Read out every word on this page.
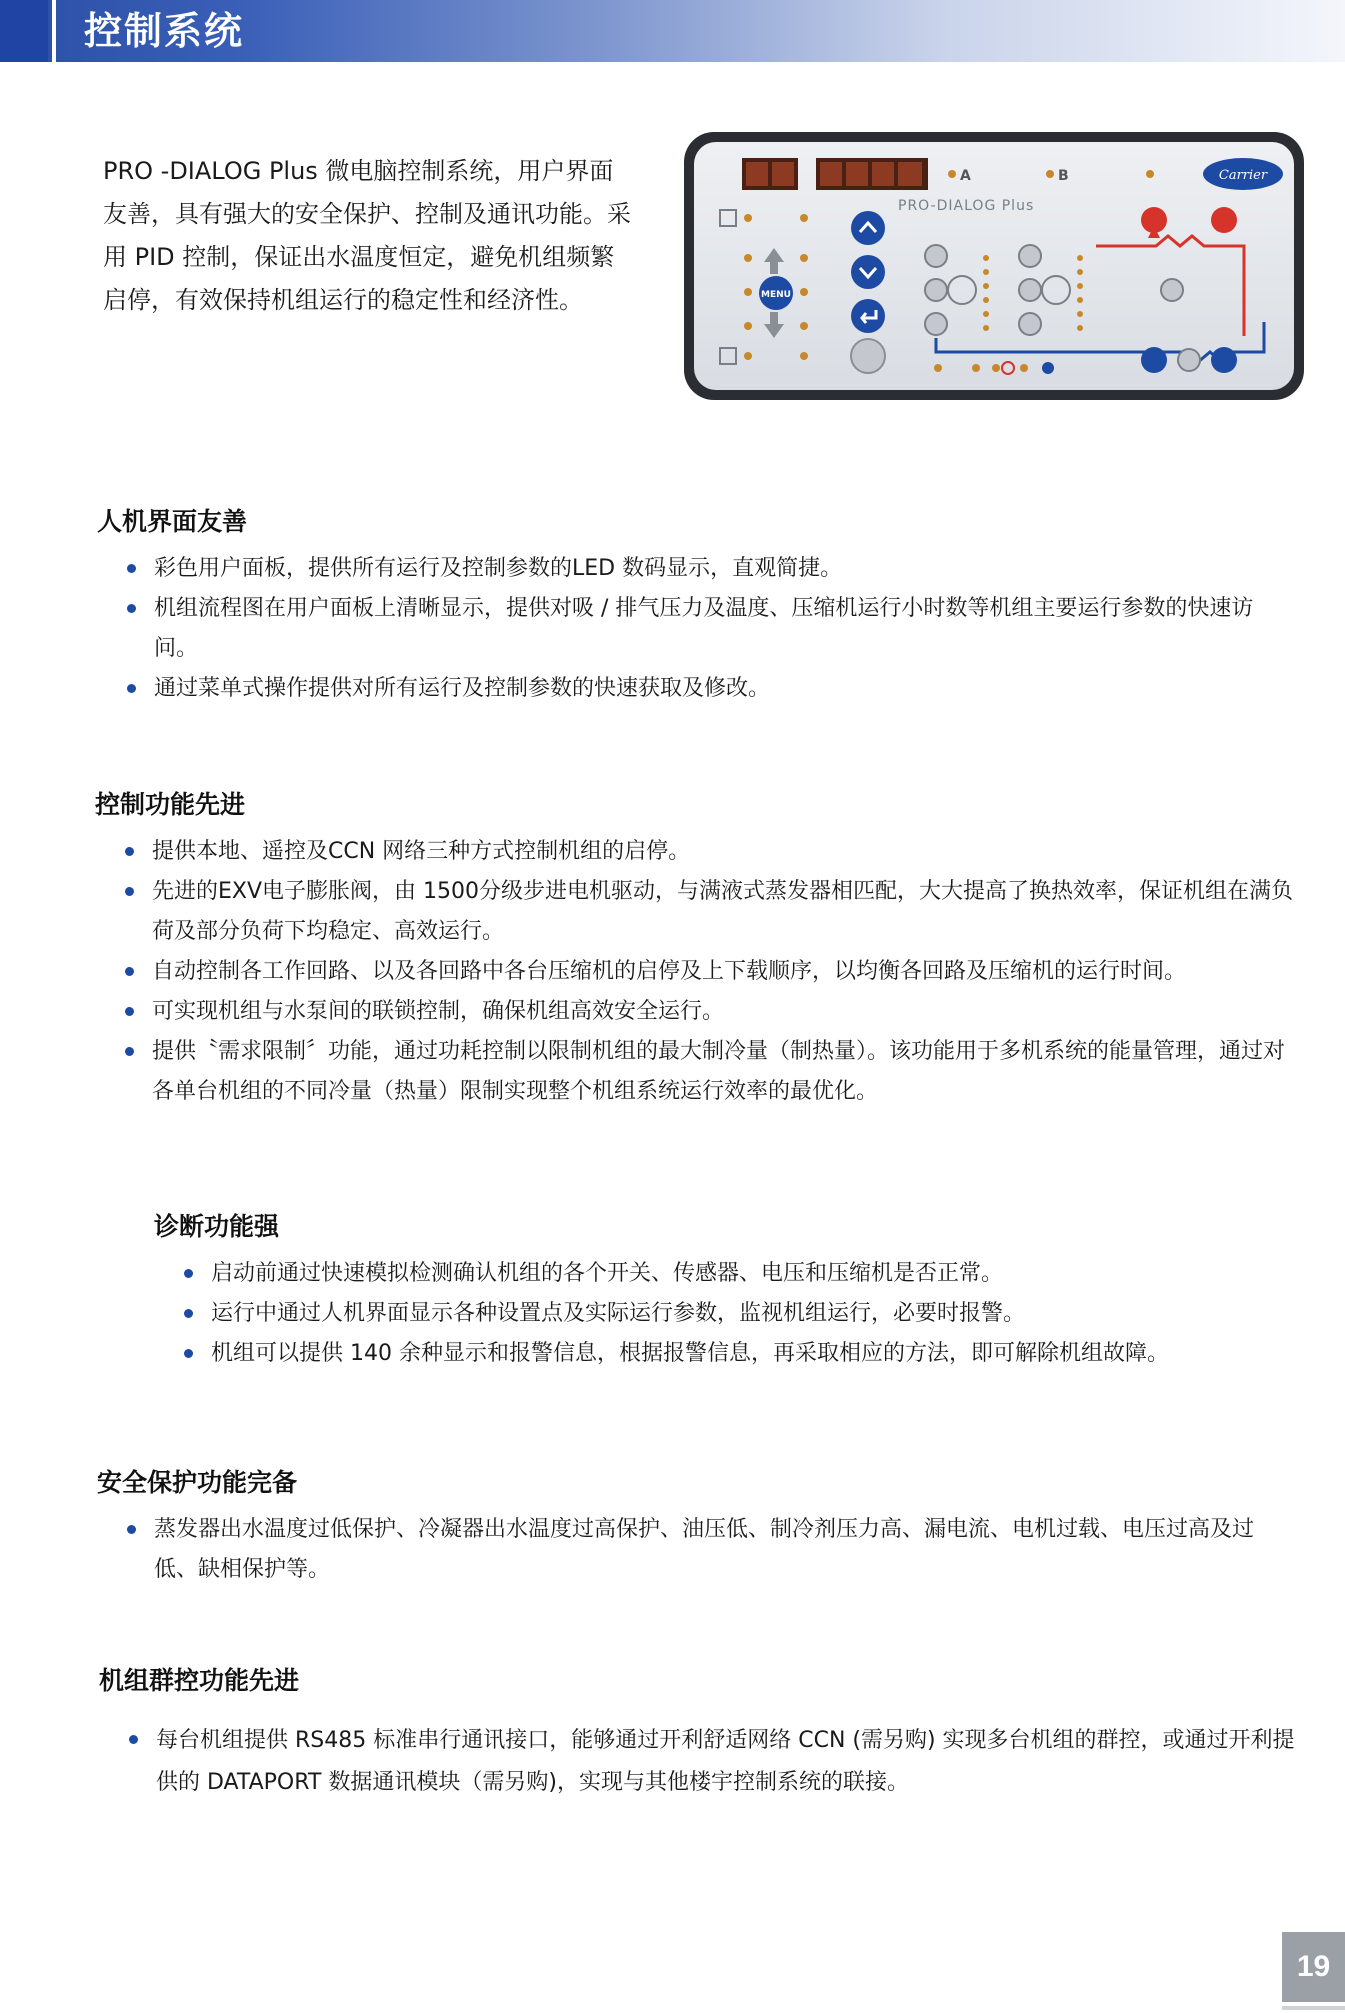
控制系统

PRO -DIALOG Plus 微电脑控制系统，用户界面友善，具有强大的安全保护、控制及通讯功能。采用 PID 控制，保证出水温度恒定，避免机组频繁启停，有效保持机组运行的稳定性和经济性。

A	B	Carrier
PRO-DIALOG Plus
MENU
人机界面友善
彩色用户面板，提供所有运行及控制参数的LED 数码显示，直观简捷。
机组流程图在用户面板上清晰显示，提供对吸 / 排气压力及温度、压缩机运行小时数等机组主要运行参数的快速访问。
通过菜单式操作提供对所有运行及控制参数的快速获取及修改。
控制功能先进
提供本地、遥控及CCN 网络三种方式控制机组的启停。
先进的EXV电子膨胀阀，由 1500分级步进电机驱动，与满液式蒸发器相匹配，大大提高了换热效率，保证机组在满负荷及部分负荷下均稳定、高效运行。
自动控制各工作回路、以及各回路中各台压缩机的启停及上下载顺序，以均衡各回路及压缩机的运行时间。
可实现机组与水泵间的联锁控制，确保机组高效安全运行。
提供〝需求限制〞功能，通过功耗控制以限制机组的最大制冷量（制热量）。该功能用于多机系统的能量管理，通过对各单台机组的不同冷量（热量）限制实现整个机组系统运行效率的最优化。
诊断功能强
启动前通过快速模拟检测确认机组的各个开关、传感器、电压和压缩机是否正常。
运行中通过人机界面显示各种设置点及实际运行参数，监视机组运行，必要时报警。
机组可以提供 140 余种显示和报警信息，根据报警信息，再采取相应的方法，即可解除机组故障。
安全保护功能完备
蒸发器出水温度过低保护、冷凝器出水温度过高保护、油压低、制冷剂压力高、漏电流、电机过载、电压过高及过低、缺相保护等。
机组群控功能先进
每台机组提供 RS485 标准串行通讯接口，能够通过开利舒适网络 CCN (需另购) 实现多台机组的群控，或通过开利提供的 DATAPORT 数据通讯模块（需另购)，实现与其他楼宇控制系统的联接。
19
